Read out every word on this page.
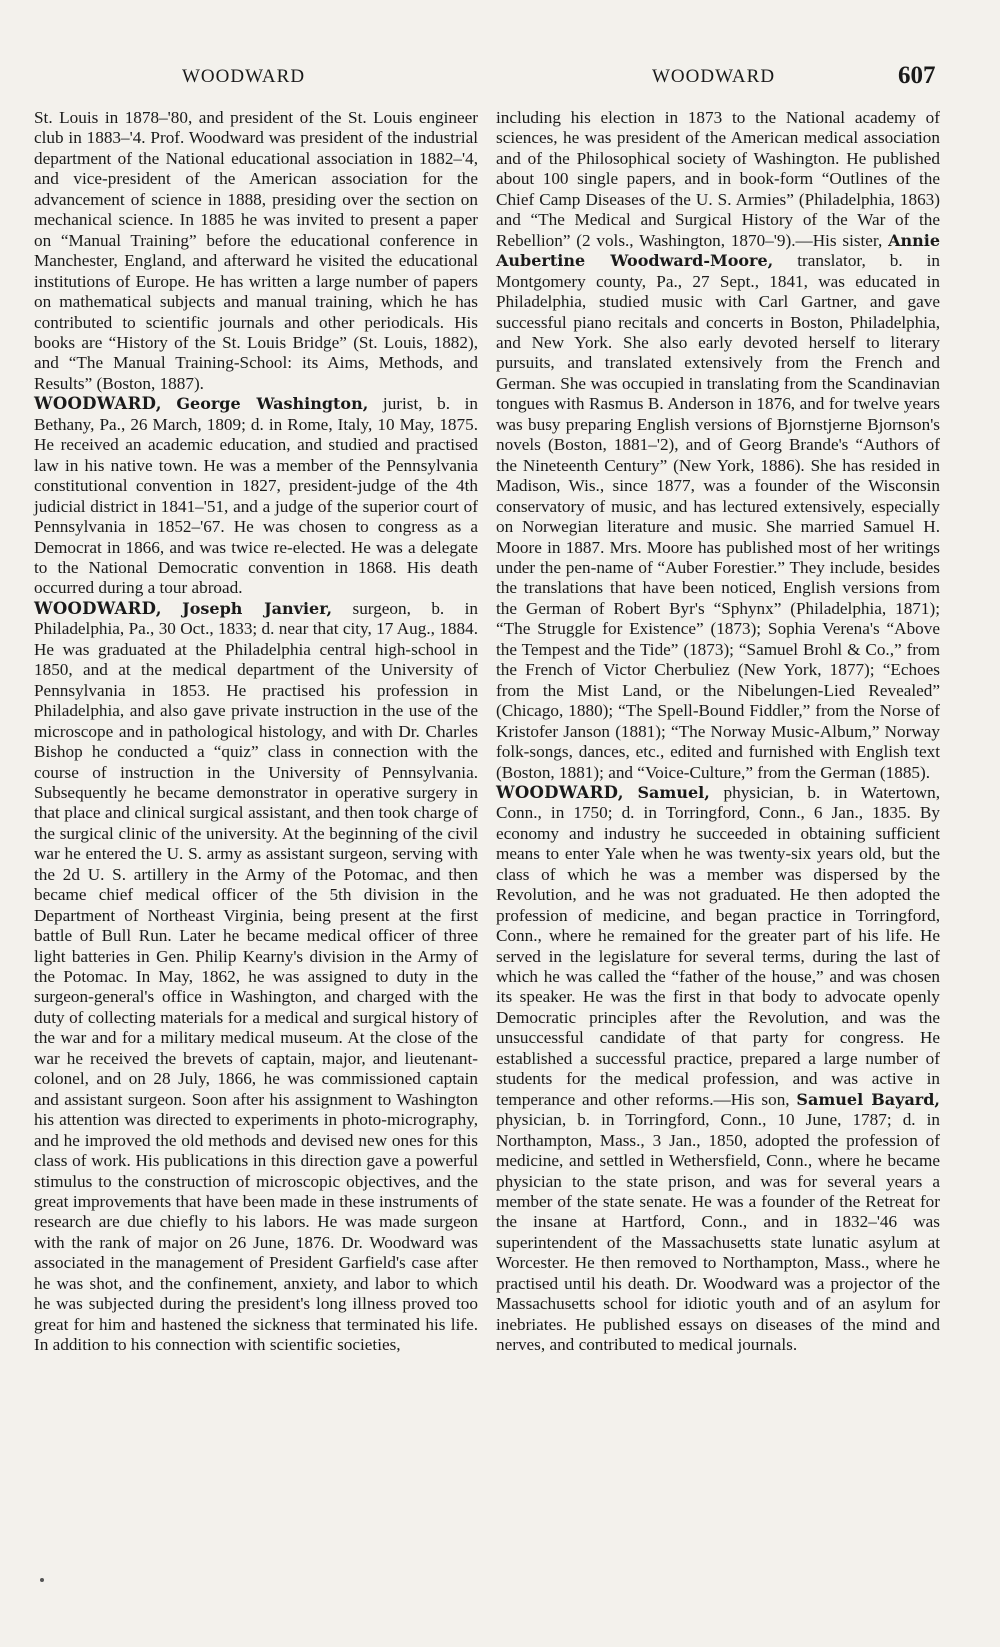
WOODWARD	WOODWARD	607

St. Louis in 1878–'80, and president of the St. Louis engineer club in 1883–'4. Prof. Woodward was president of the industrial department of the National educational association in 1882–'4, and vice-president of the American association for the advancement of science in 1888, presiding over the section on mechanical science. In 1885 he was invited to present a paper on “Manual Training” before the educational conference in Manchester, England, and afterward he visited the educational institutions of Europe. He has written a large number of papers on mathematical subjects and manual training, which he has contributed to scientific journals and other periodicals. His books are “History of the St. Louis Bridge” (St. Louis, 1882), and “The Manual Training-School: its Aims, Methods, and Results” (Boston, 1887).

WOODWARD, George Washington, jurist, b. in Bethany, Pa., 26 March, 1809; d. in Rome, Italy, 10 May, 1875. He received an academic education, and studied and practised law in his native town. He was a member of the Pennsylvania constitutional convention in 1827, president-judge of the 4th judicial district in 1841–'51, and a judge of the superior court of Pennsylvania in 1852–'67. He was chosen to congress as a Democrat in 1866, and was twice re-elected. He was a delegate to the National Democratic convention in 1868. His death occurred during a tour abroad.

WOODWARD, Joseph Janvier, surgeon, b. in Philadelphia, Pa., 30 Oct., 1833; d. near that city, 17 Aug., 1884. He was graduated at the Philadelphia central high-school in 1850, and at the medical department of the University of Pennsylvania in 1853. He practised his profession in Philadelphia, and also gave private instruction in the use of the microscope and in pathological histology, and with Dr. Charles Bishop he conducted a “quiz” class in connection with the course of instruction in the University of Pennsylvania. Subsequently he became demonstrator in operative surgery in that place and clinical surgical assistant, and then took charge of the surgical clinic of the university. At the beginning of the civil war he entered the U. S. army as assistant surgeon, serving with the 2d U. S. artillery in the Army of the Potomac, and then became chief medical officer of the 5th division in the Department of Northeast Virginia, being present at the first battle of Bull Run. Later he became medical officer of three light batteries in Gen. Philip Kearny's division in the Army of the Potomac. In May, 1862, he was assigned to duty in the surgeon-general's office in Washington, and charged with the duty of collecting materials for a medical and surgical history of the war and for a military medical museum. At the close of the war he received the brevets of captain, major, and lieutenant-colonel, and on 28 July, 1866, he was commissioned captain and assistant surgeon. Soon after his assignment to Washington his attention was directed to experiments in photo-micrography, and he improved the old methods and devised new ones for this class of work. His publications in this direction gave a powerful stimulus to the construction of microscopic objectives, and the great improvements that have been made in these instruments of research are due chiefly to his labors. He was made surgeon with the rank of major on 26 June, 1876. Dr. Woodward was associated in the management of President Garfield's case after he was shot, and the confinement, anxiety, and labor to which he was subjected during the president's long illness proved too great for him and hastened the sickness that terminated his life. In addition to his connection with scientific societies,

including his election in 1873 to the National academy of sciences, he was president of the American medical association and of the Philosophical society of Washington. He published about 100 single papers, and in book-form “Outlines of the Chief Camp Diseases of the U. S. Armies” (Philadelphia, 1863) and “The Medical and Surgical History of the War of the Rebellion” (2 vols., Washington, 1870–'9).—His sister, Annie Aubertine Woodward-Moore, translator, b. in Montgomery county, Pa., 27 Sept., 1841, was educated in Philadelphia, studied music with Carl Gartner, and gave successful piano recitals and concerts in Boston, Philadelphia, and New York. She also early devoted herself to literary pursuits, and translated extensively from the French and German. She was occupied in translating from the Scandinavian tongues with Rasmus B. Anderson in 1876, and for twelve years was busy preparing English versions of Bjornstjerne Bjornson's novels (Boston, 1881–'2), and of Georg Brande's “Authors of the Nineteenth Century” (New York, 1886). She has resided in Madison, Wis., since 1877, was a founder of the Wisconsin conservatory of music, and has lectured extensively, especially on Norwegian literature and music. She married Samuel H. Moore in 1887. Mrs. Moore has published most of her writings under the pen-name of “Auber Forestier.” They include, besides the translations that have been noticed, English versions from the German of Robert Byr's “Sphynx” (Philadelphia, 1871); “The Struggle for Existence” (1873); Sophia Verena's “Above the Tempest and the Tide” (1873); “Samuel Brohl & Co.,” from the French of Victor Cherbuliez (New York, 1877); “Echoes from the Mist Land, or the Nibelungen-Lied Revealed” (Chicago, 1880); “The Spell-Bound Fiddler,” from the Norse of Kristofer Janson (1881); “The Norway Music-Album,” Norway folk-songs, dances, etc., edited and furnished with English text (Boston, 1881); and “Voice-Culture,” from the German (1885).

WOODWARD, Samuel, physician, b. in Watertown, Conn., in 1750; d. in Torringford, Conn., 6 Jan., 1835. By economy and industry he succeeded in obtaining sufficient means to enter Yale when he was twenty-six years old, but the class of which he was a member was dispersed by the Revolution, and he was not graduated. He then adopted the profession of medicine, and began practice in Torringford, Conn., where he remained for the greater part of his life. He served in the legislature for several terms, during the last of which he was called the “father of the house,” and was chosen its speaker. He was the first in that body to advocate openly Democratic principles after the Revolution, and was the unsuccessful candidate of that party for congress. He established a successful practice, prepared a large number of students for the medical profession, and was active in temperance and other reforms.—His son, Samuel Bayard, physician, b. in Torringford, Conn., 10 June, 1787; d. in Northampton, Mass., 3 Jan., 1850, adopted the profession of medicine, and settled in Wethersfield, Conn., where he became physician to the state prison, and was for several years a member of the state senate. He was a founder of the Retreat for the insane at Hartford, Conn., and in 1832–'46 was superintendent of the Massachusetts state lunatic asylum at Worcester. He then removed to Northampton, Mass., where he practised until his death. Dr. Woodward was a projector of the Massachusetts school for idiotic youth and of an asylum for inebriates. He published essays on diseases of the mind and nerves, and contributed to medical journals.
